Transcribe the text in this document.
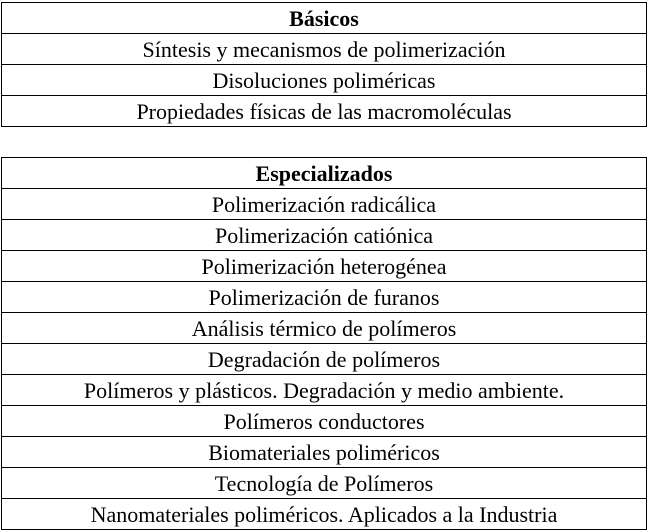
Básicos
Síntesis y mecanismos de polimerización
Disoluciones poliméricas
Propiedades físicas de las macromoléculas
Especializados
Polimerización radicálica
Polimerización catiónica
Polimerización heterogénea
Polimerización de furanos
Análisis térmico de polímeros
Degradación de polímeros
Polímeros y plásticos. Degradación y medio ambiente.
Polímeros conductores
Biomateriales poliméricos
Tecnología de Polímeros
Nanomateriales poliméricos. Aplicados a la Industria
